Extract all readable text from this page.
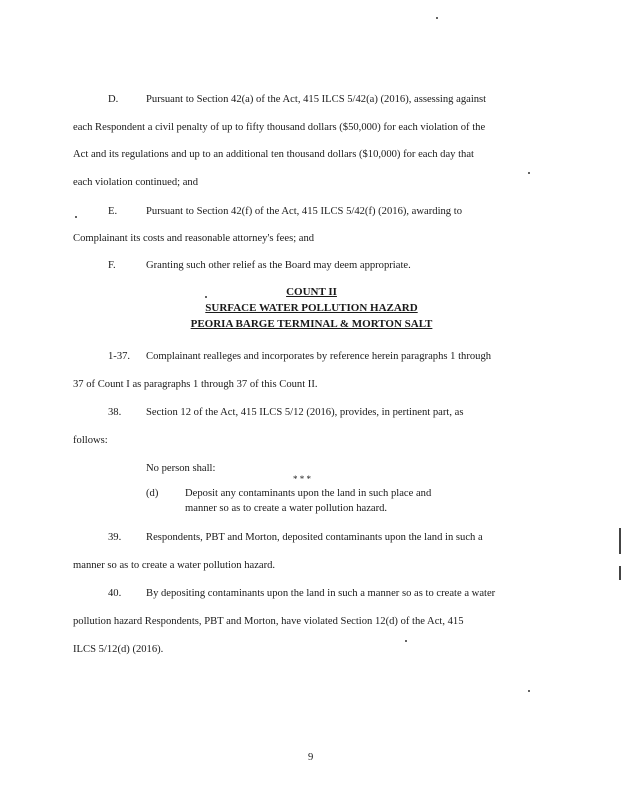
D.	Pursuant to Section 42(a) of the Act, 415 ILCS 5/42(a) (2016), assessing against
each Respondent a civil penalty of up to fifty thousand dollars ($50,000) for each violation of the
Act and its regulations and up to an additional ten thousand dollars ($10,000) for each day that
each violation continued; and
E.	Pursuant to Section 42(f) of the Act, 415 ILCS 5/42(f) (2016), awarding to
Complainant its costs and reasonable attorney's fees; and
F.	Granting such other relief as the Board may deem appropriate.
COUNT II
SURFACE WATER POLLUTION HAZARD
PEORIA BARGE TERMINAL & MORTON SALT
1-37. Complainant realleges and incorporates by reference herein paragraphs 1 through
37 of Count I as paragraphs 1 through 37 of this Count II.
38. Section 12 of the Act, 415 ILCS 5/12 (2016), provides, in pertinent part, as
follows:
No person shall:
* * *
(d)	Deposit any contaminants upon the land in such place and
manner so as to create a water pollution hazard.
39. Respondents, PBT and Morton, deposited contaminants upon the land in such a
manner so as to create a water pollution hazard.
40. By depositing contaminants upon the land in such a manner so as to create a water
pollution hazard Respondents, PBT and Morton, have violated Section 12(d) of the Act, 415
ILCS 5/12(d) (2016).
9
